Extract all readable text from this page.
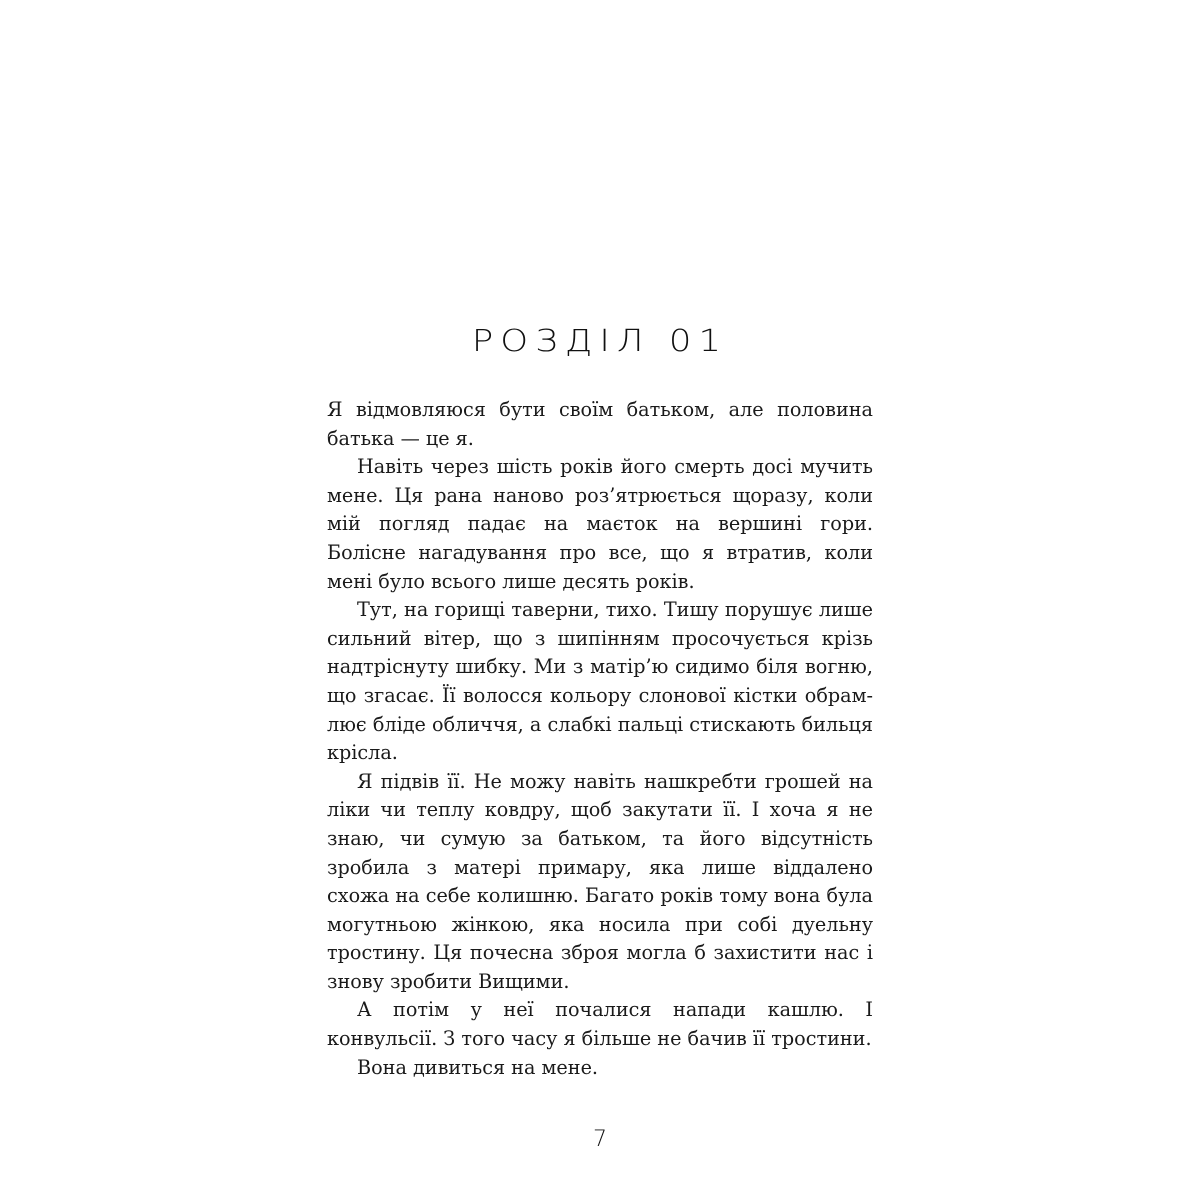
РОЗДІЛ 01

Я відмовляюся бути своїм батьком, але половина батька — це я.

Навіть через шість років його смерть досі мучить мене. Ця рана наново роз’ятрюється щоразу, коли мій погляд падає на маєток на вершині гори. Болісне нагадування про все, що я втратив, коли мені було всього лише десять років.

Тут, на горищі таверни, тихо. Тишу порушує лише сильний вітер, що з шипінням просочується крізь надтріснуту шибку. Ми з матір’ю сидимо біля вогню, що згасає. Її волосся кольору слонової кістки обрамлює бліде обличчя, а слабкі пальці стискають бильця крісла.

Я підвів її. Не можу навіть нашкребти грошей на ліки чи теплу ковдру, щоб закутати її. І хоча я не знаю, чи сумую за батьком, та його відсутність зробила з матері примару, яка лише віддалено схожа на себе колишню. Багато років тому вона була могутньою жінкою, яка носила при собі дуельну тростину. Ця почесна зброя могла б захистити нас і знову зробити Вищими.

А потім у неї почалися напади кашлю. І конвульсії. З того часу я більше не бачив її тростини.

Вона дивиться на мене.

7
